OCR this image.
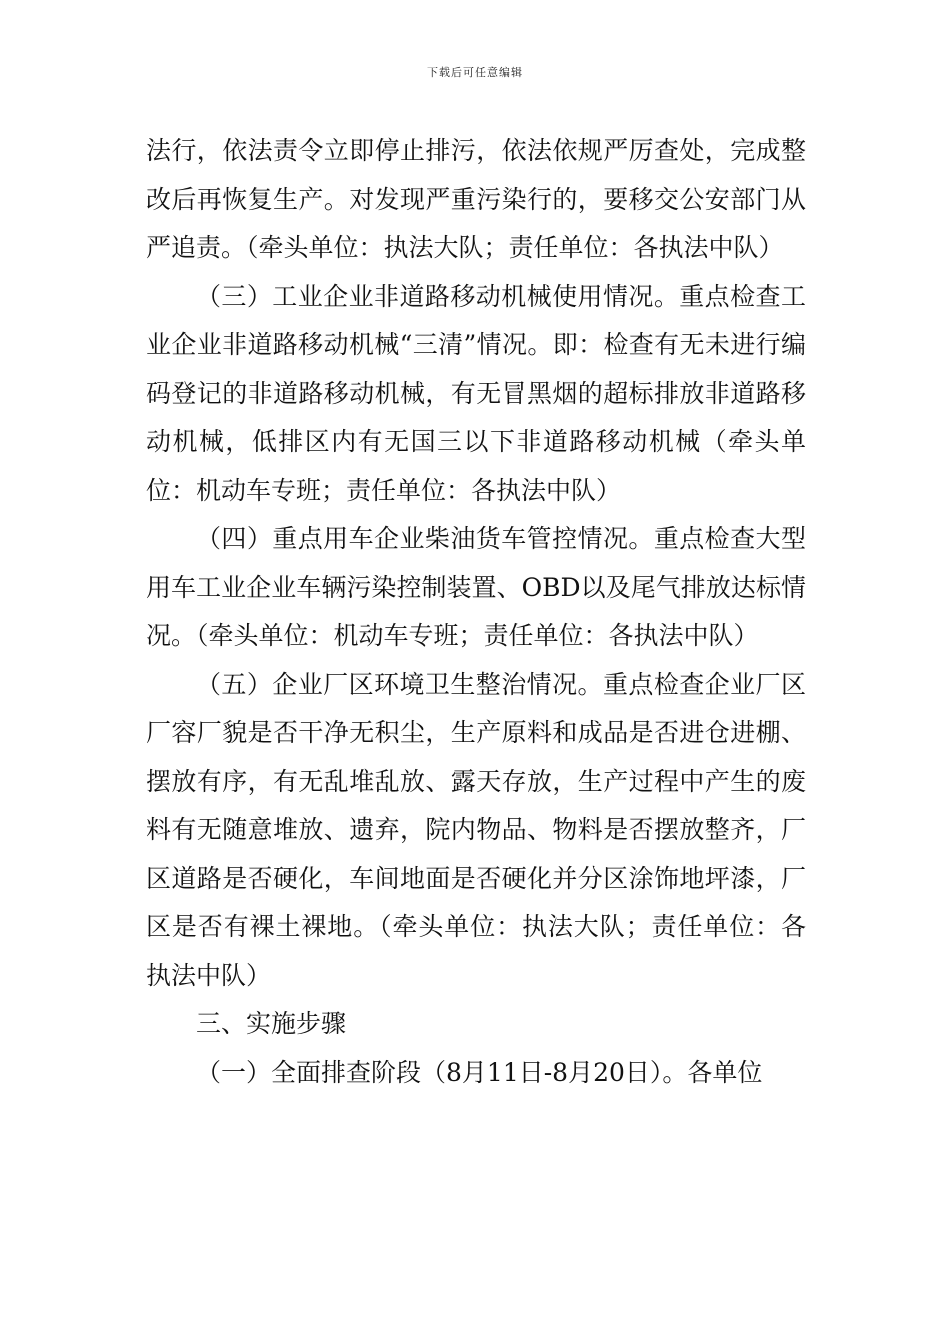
下载后可任意编辑

法行，依法责令立即停止排污，依法依规严厉查处，完成整改后再恢复生产。对发现严重污染行的，要移交公安部门从严追责。（牵头单位：执法大队；责任单位：各执法中队）

（三）工业企业非道路移动机械使用情况。重点检查工业企业非道路移动机械“三清”情况。即：检查有无未进行编码登记的非道路移动机械，有无冒黑烟的超标排放非道路移动机械，低排区内有无国三以下非道路移动机械（牵头单位：机动车专班；责任单位：各执法中队）

（四）重点用车企业柴油货车管控情况。重点检查大型用车工业企业车辆污染控制装置、OBD以及尾气排放达标情况。（牵头单位：机动车专班；责任单位：各执法中队）

（五）企业厂区环境卫生整治情况。重点检查企业厂区厂容厂貌是否干净无积尘，生产原料和成品是否进仓进棚、摆放有序，有无乱堆乱放、露天存放，生产过程中产生的废料有无随意堆放、遗弃，院内物品、物料是否摆放整齐，厂区道路是否硬化，车间地面是否硬化并分区涂饰地坪漆，厂区是否有裸土裸地。（牵头单位：执法大队；责任单位：各执法中队）

三、实施步骤

（一）全面排查阶段（8月11日-8月20日）。各单位
